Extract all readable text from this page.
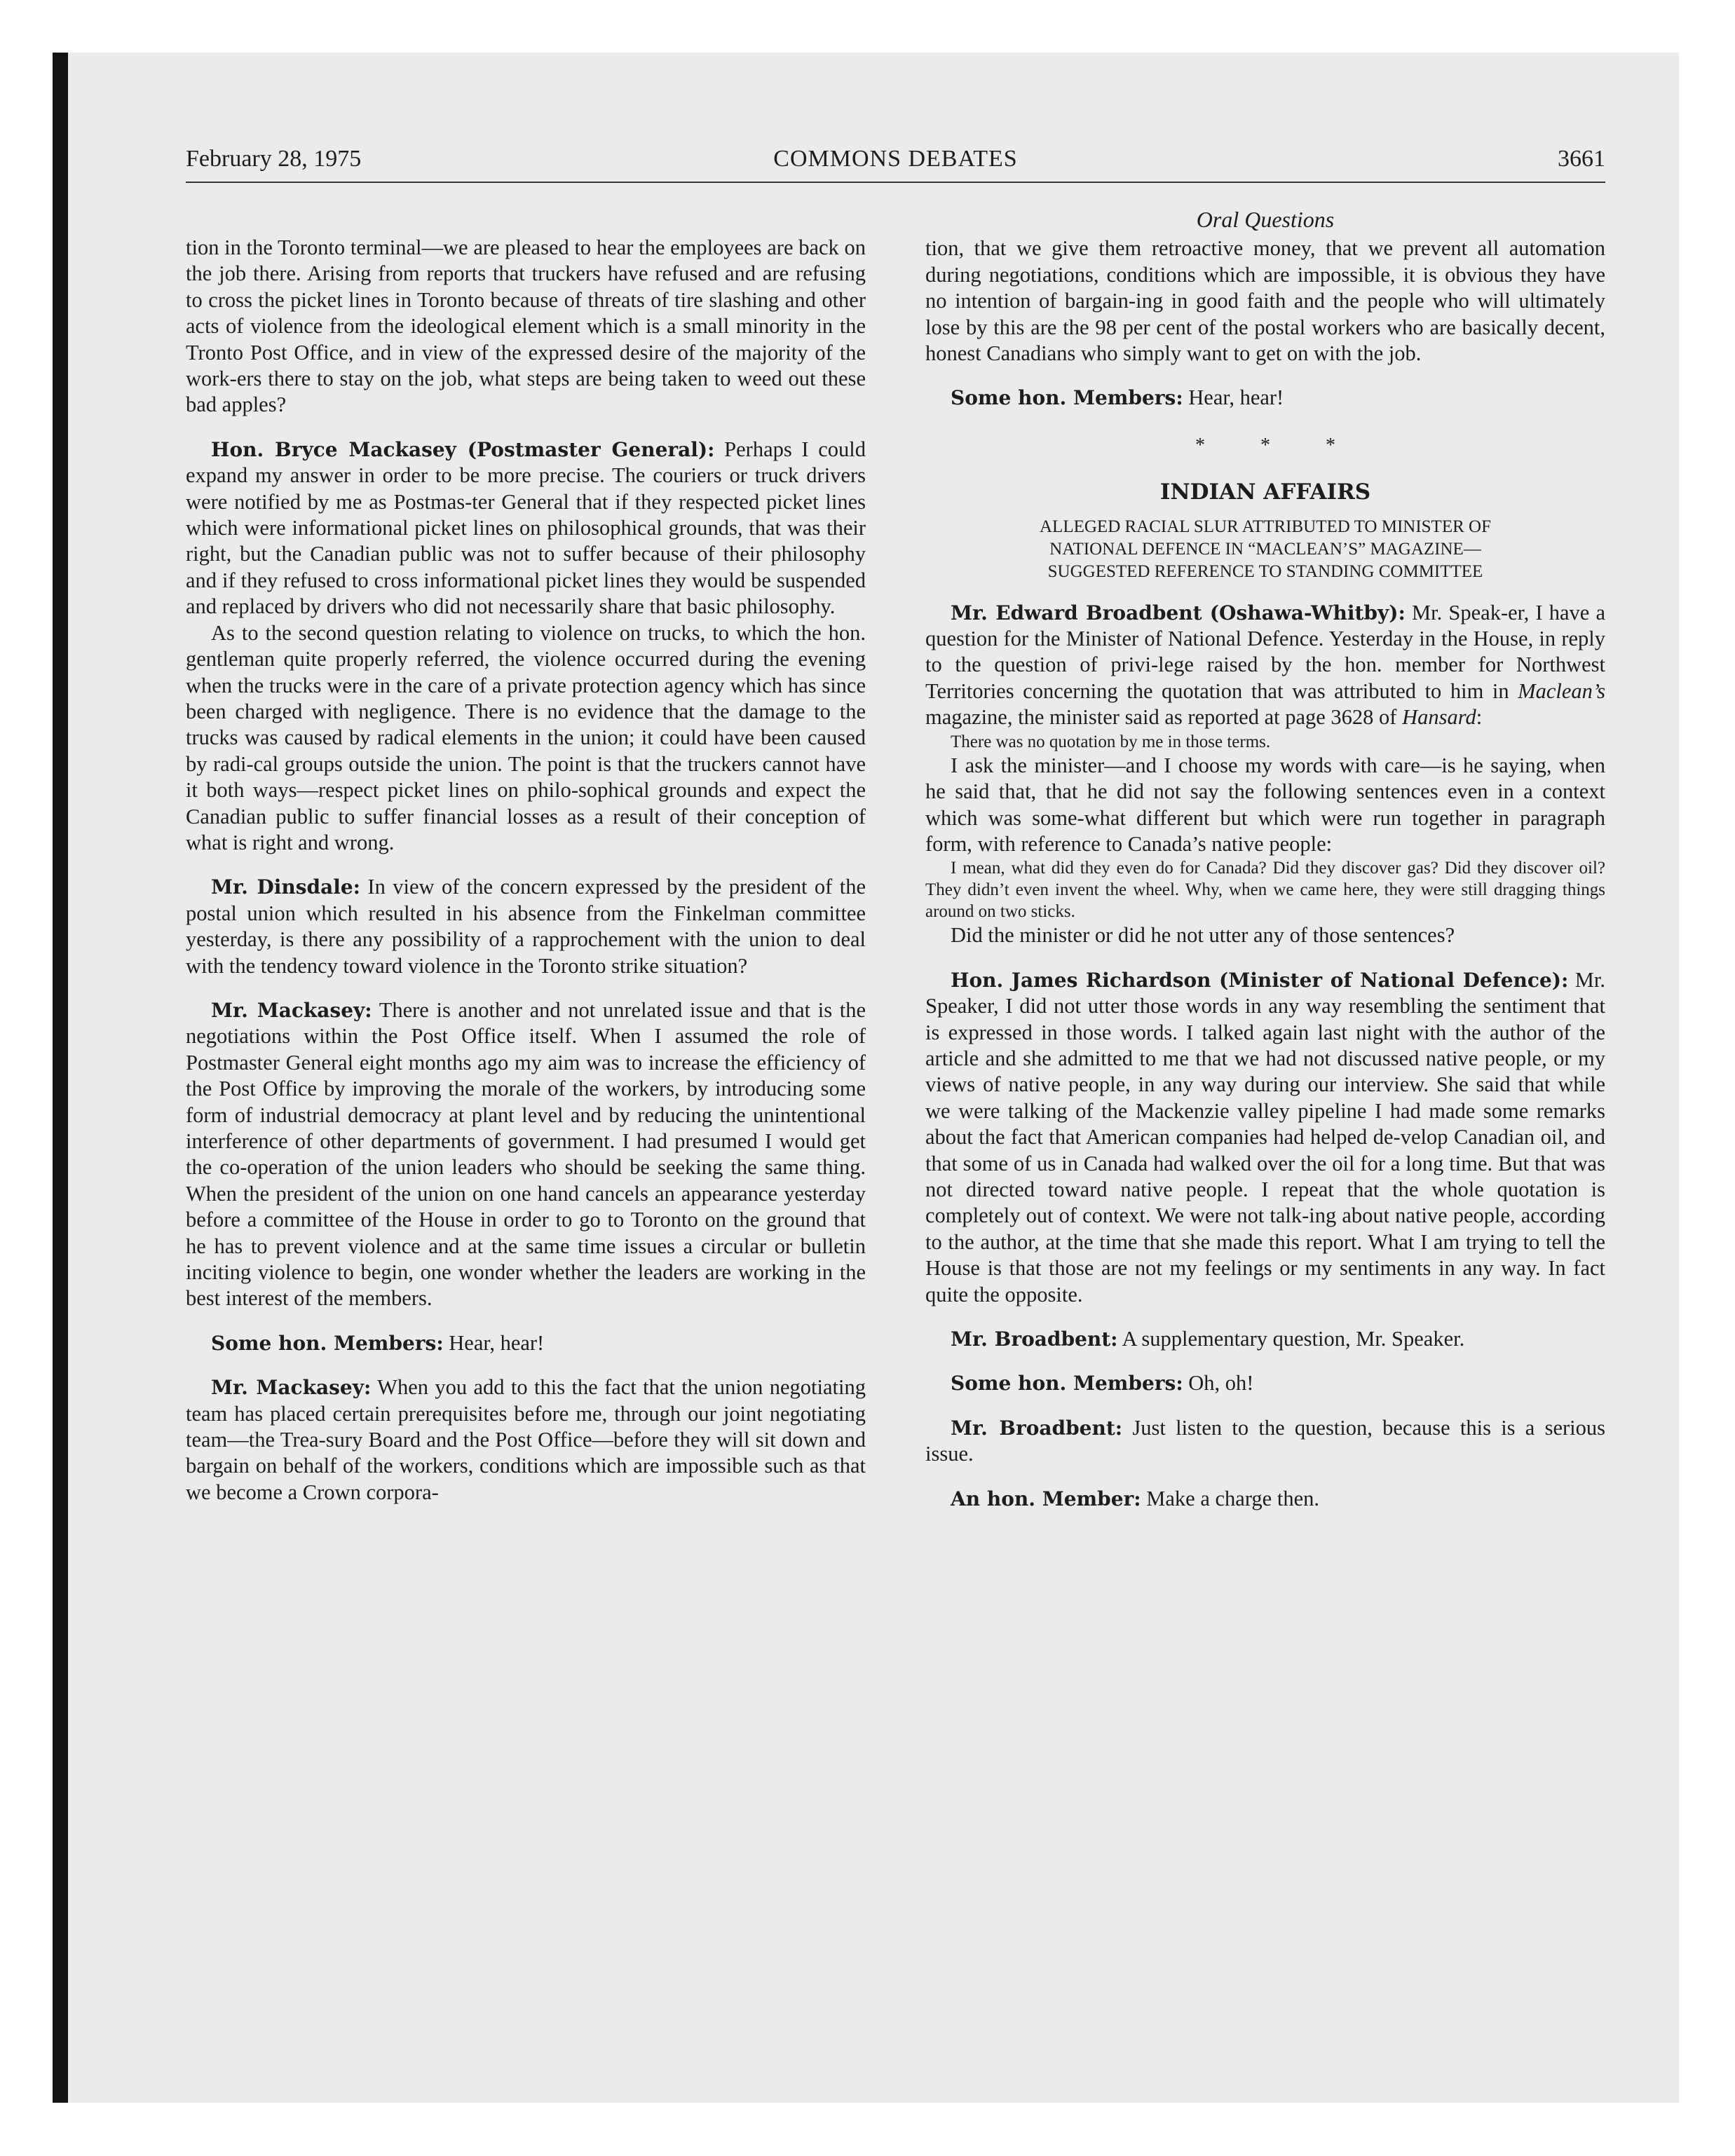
February 28, 1975	COMMONS DEBATES	3661

tion in the Toronto terminal—we are pleased to hear the employees are back on the job there. Arising from reports that truckers have refused and are refusing to cross the picket lines in Toronto because of threats of tire slashing and other acts of violence from the ideological element which is a small minority in the Tronto Post Office, and in view of the expressed desire of the majority of the work-ers there to stay on the job, what steps are being taken to weed out these bad apples?

Hon. Bryce Mackasey (Postmaster General): Perhaps I could expand my answer in order to be more precise. The couriers or truck drivers were notified by me as Postmas-ter General that if they respected picket lines which were informational picket lines on philosophical grounds, that was their right, but the Canadian public was not to suffer because of their philosophy and if they refused to cross informational picket lines they would be suspended and replaced by drivers who did not necessarily share that basic philosophy.

As to the second question relating to violence on trucks, to which the hon. gentleman quite properly referred, the violence occurred during the evening when the trucks were in the care of a private protection agency which has since been charged with negligence. There is no evidence that the damage to the trucks was caused by radical elements in the union; it could have been caused by radi-cal groups outside the union. The point is that the truckers cannot have it both ways—respect picket lines on philo-sophical grounds and expect the Canadian public to suffer financial losses as a result of their conception of what is right and wrong.

Mr. Dinsdale: In view of the concern expressed by the president of the postal union which resulted in his absence from the Finkelman committee yesterday, is there any possibility of a rapprochement with the union to deal with the tendency toward violence in the Toronto strike situation?

Mr. Mackasey: There is another and not unrelated issue and that is the negotiations within the Post Office itself. When I assumed the role of Postmaster General eight months ago my aim was to increase the efficiency of the Post Office by improving the morale of the workers, by introducing some form of industrial democracy at plant level and by reducing the unintentional interference of other departments of government. I had presumed I would get the co-operation of the union leaders who should be seeking the same thing. When the president of the union on one hand cancels an appearance yesterday before a committee of the House in order to go to Toronto on the ground that he has to prevent violence and at the same time issues a circular or bulletin inciting violence to begin, one wonder whether the leaders are working in the best interest of the members.

Some hon. Members: Hear, hear!

Mr. Mackasey: When you add to this the fact that the union negotiating team has placed certain prerequisites before me, through our joint negotiating team—the Trea-sury Board and the Post Office—before they will sit down and bargain on behalf of the workers, conditions which are impossible such as that we become a Crown corpora-

Oral Questions

tion, that we give them retroactive money, that we prevent all automation during negotiations, conditions which are impossible, it is obvious they have no intention of bargain-ing in good faith and the people who will ultimately lose by this are the 98 per cent of the postal workers who are basically decent, honest Canadians who simply want to get on with the job.

Some hon. Members: Hear, hear!

* * *
INDIAN AFFAIRS
ALLEGED RACIAL SLUR ATTRIBUTED TO MINISTER OF
NATIONAL DEFENCE IN “MACLEAN’S” MAGAZINE—
SUGGESTED REFERENCE TO STANDING COMMITTEE

Mr. Edward Broadbent (Oshawa-Whitby): Mr. Speak-er, I have a question for the Minister of National Defence. Yesterday in the House, in reply to the question of privi-lege raised by the hon. member for Northwest Territories concerning the quotation that was attributed to him in Maclean’s magazine, the minister said as reported at page 3628 of Hansard:

There was no quotation by me in those terms.

I ask the minister—and I choose my words with care—is he saying, when he said that, that he did not say the following sentences even in a context which was some-what different but which were run together in paragraph form, with reference to Canada’s native people:

I mean, what did they even do for Canada? Did they discover gas? Did they discover oil? They didn’t even invent the wheel. Why, when we came here, they were still dragging things around on two sticks.

Did the minister or did he not utter any of those sentences?

Hon. James Richardson (Minister of National Defence): Mr. Speaker, I did not utter those words in any way resembling the sentiment that is expressed in those words. I talked again last night with the author of the article and she admitted to me that we had not discussed native people, or my views of native people, in any way during our interview. She said that while we were talking of the Mackenzie valley pipeline I had made some remarks about the fact that American companies had helped de-velop Canadian oil, and that some of us in Canada had walked over the oil for a long time. But that was not directed toward native people. I repeat that the whole quotation is completely out of context. We were not talk-ing about native people, according to the author, at the time that she made this report. What I am trying to tell the House is that those are not my feelings or my sentiments in any way. In fact quite the opposite.

Mr. Broadbent: A supplementary question, Mr. Speaker.

Some hon. Members: Oh, oh!

Mr. Broadbent: Just listen to the question, because this is a serious issue.

An hon. Member: Make a charge then.
